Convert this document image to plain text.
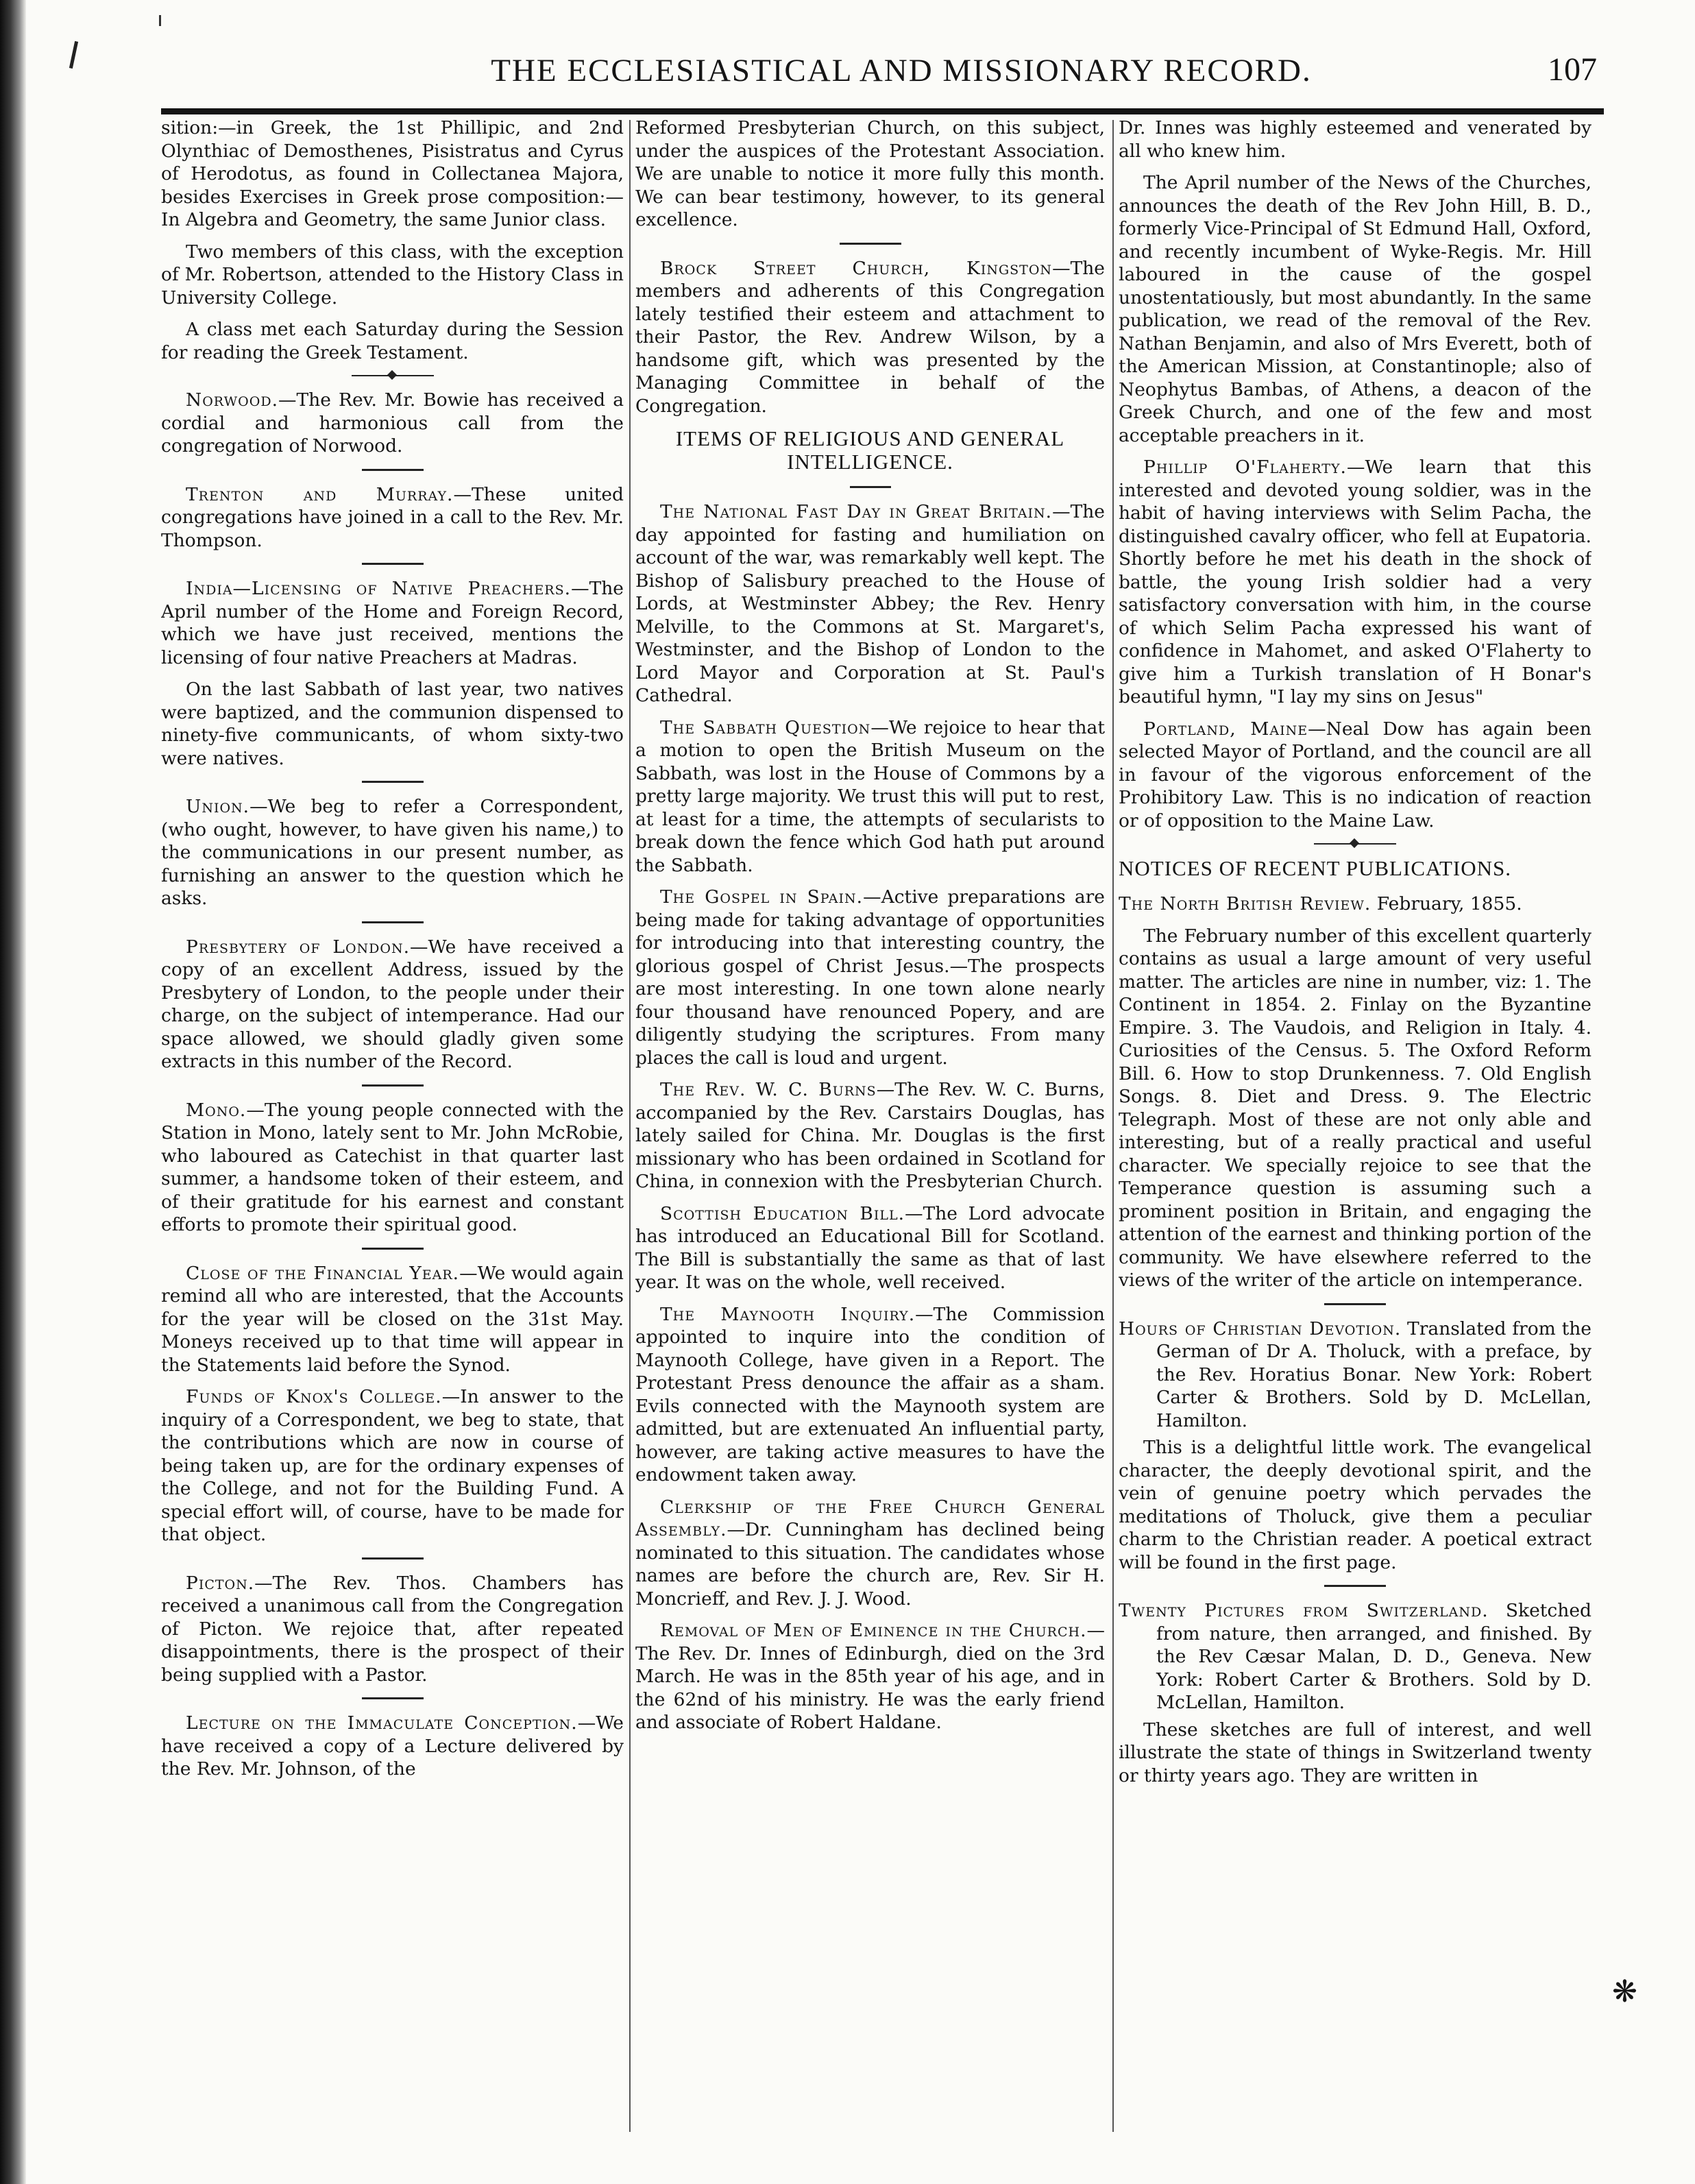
THE ECCLESIASTICAL AND MISSIONARY RECORD.	107

sition:—in Greek, the 1st Phillipic, and 2nd Olynthiac of Demosthenes, Pisistratus and Cyrus of Herodotus, as found in Collectanea Majora, besides Exercises in Greek prose composition:—In Algebra and Geometry, the same Junior class.

Two members of this class, with the exception of Mr. Robertson, attended to the History Class in University College.

A class met each Saturday during the Session for reading the Greek Testament.

Norwood.—The Rev. Mr. Bowie has received a cordial and harmonious call from the congregation of Norwood.

Trenton and Murray.—These united congregations have joined in a call to the Rev. Mr. Thompson.

India—Licensing of Native Preachers.—The April number of the Home and Foreign Record, which we have just received, mentions the licensing of four native Preachers at Madras.

On the last Sabbath of last year, two natives were baptized, and the communion dispensed to ninety-five communicants, of whom sixty-two were natives.

Union.—We beg to refer a Correspondent, (who ought, however, to have given his name,) to the communications in our present number, as furnishing an answer to the question which he asks.

Presbytery of London.—We have received a copy of an excellent Address, issued by the Presbytery of London, to the people under their charge, on the subject of intemperance. Had our space allowed, we should gladly given some extracts in this number of the Record.

Mono.—The young people connected with the Station in Mono, lately sent to Mr. John McRobie, who laboured as Catechist in that quarter last summer, a handsome token of their esteem, and of their gratitude for his earnest and constant efforts to promote their spiritual good.

Close of the Financial Year.—We would again remind all who are interested, that the Accounts for the year will be closed on the 31st May. Moneys received up to that time will appear in the Statements laid before the Synod.

Funds of Knox's College.—In answer to the inquiry of a Correspondent, we beg to state, that the contributions which are now in course of being taken up, are for the ordinary expenses of the College, and not for the Building Fund. A special effort will, of course, have to be made for that object.

Picton.—The Rev. Thos. Chambers has received a unanimous call from the Congregation of Picton. We rejoice that, after repeated disappointments, there is the prospect of their being supplied with a Pastor.

Lecture on the Immaculate Conception.—We have received a copy of a Lecture delivered by the Rev. Mr. Johnson, of the

Reformed Presbyterian Church, on this subject, under the auspices of the Protestant Association. We are unable to notice it more fully this month. We can bear testimony, however, to its general excellence.

Brock Street Church, Kingston—The members and adherents of this Congregation lately testified their esteem and attachment to their Pastor, the Rev. Andrew Wilson, by a handsome gift, which was presented by the Managing Committee in behalf of the Congregation.

ITEMS OF RELIGIOUS AND GENERAL INTELLIGENCE.

The National Fast Day in Great Britain.—The day appointed for fasting and humiliation on account of the war, was remarkably well kept. The Bishop of Salisbury preached to the House of Lords, at Westminster Abbey; the Rev. Henry Melville, to the Commons at St. Margaret's, Westminster, and the Bishop of London to the Lord Mayor and Corporation at St. Paul's Cathedral.

The Sabbath Question—We rejoice to hear that a motion to open the British Museum on the Sabbath, was lost in the House of Commons by a pretty large majority. We trust this will put to rest, at least for a time, the attempts of secularists to break down the fence which God hath put around the Sabbath.

The Gospel in Spain.—Active preparations are being made for taking advantage of opportunities for introducing into that interesting country, the glorious gospel of Christ Jesus.—The prospects are most interesting. In one town alone nearly four thousand have renounced Popery, and are diligently studying the scriptures. From many places the call is loud and urgent.

The Rev. W. C. Burns—The Rev. W. C. Burns, accompanied by the Rev. Carstairs Douglas, has lately sailed for China. Mr. Douglas is the first missionary who has been ordained in Scotland for China, in connexion with the Presbyterian Church.

Scottish Education Bill.—The Lord advocate has introduced an Educational Bill for Scotland. The Bill is substantially the same as that of last year. It was on the whole, well received.

The Maynooth Inquiry.—The Commission appointed to inquire into the condition of Maynooth College, have given in a Report. The Protestant Press denounce the affair as a sham. Evils connected with the Maynooth system are admitted, but are extenuated An influential party, however, are taking active measures to have the endowment taken away.

Clerkship of the Free Church General Assembly.—Dr. Cunningham has declined being nominated to this situation. The candidates whose names are before the church are, Rev. Sir H. Moncrieff, and Rev. J. J. Wood.

Removal of Men of Eminence in the Church.—The Rev. Dr. Innes of Edinburgh, died on the 3rd March. He was in the 85th year of his age, and in the 62nd of his ministry. He was the early friend and associate of Robert Haldane.

Dr. Innes was highly esteemed and venerated by all who knew him.

The April number of the News of the Churches, announces the death of the Rev John Hill, B. D., formerly Vice-Principal of St Edmund Hall, Oxford, and recently incumbent of Wyke-Regis. Mr. Hill laboured in the cause of the gospel unostentatiously, but most abundantly. In the same publication, we read of the removal of the Rev. Nathan Benjamin, and also of Mrs Everett, both of the American Mission, at Constantinople; also of Neophytus Bambas, of Athens, a deacon of the Greek Church, and one of the few and most acceptable preachers in it.

Phillip O'Flaherty.—We learn that this interested and devoted young soldier, was in the habit of having interviews with Selim Pacha, the distinguished cavalry officer, who fell at Eupatoria. Shortly before he met his death in the shock of battle, the young Irish soldier had a very satisfactory conversation with him, in the course of which Selim Pacha expressed his want of confidence in Mahomet, and asked O'Flaherty to give him a Turkish translation of H Bonar's beautiful hymn, "I lay my sins on Jesus"

Portland, Maine—Neal Dow has again been selected Mayor of Portland, and the council are all in favour of the vigorous enforcement of the Prohibitory Law. This is no indication of reaction or of opposition to the Maine Law.

NOTICES OF RECENT PUBLICATIONS.

The North British Review. February, 1855.

The February number of this excellent quarterly contains as usual a large amount of very useful matter. The articles are nine in number, viz: 1. The Continent in 1854. 2. Finlay on the Byzantine Empire. 3. The Vaudois, and Religion in Italy. 4. Curiosities of the Census. 5. The Oxford Reform Bill. 6. How to stop Drunkenness. 7. Old English Songs. 8. Diet and Dress. 9. The Electric Telegraph. Most of these are not only able and interesting, but of a really practical and useful character. We specially rejoice to see that the Temperance question is assuming such a prominent position in Britain, and engaging the attention of the earnest and thinking portion of the community. We have elsewhere referred to the views of the writer of the article on intemperance.

Hours of Christian Devotion. Translated from the German of Dr A. Tholuck, with a preface, by the Rev. Horatius Bonar. New York: Robert Carter & Brothers. Sold by D. McLellan, Hamilton.

This is a delightful little work. The evangelical character, the deeply devotional spirit, and the vein of genuine poetry which pervades the meditations of Tholuck, give them a peculiar charm to the Christian reader. A poetical extract will be found in the first page.

Twenty Pictures from Switzerland. Sketched from nature, then arranged, and finished. By the Rev Cæsar Malan, D. D., Geneva. New York: Robert Carter & Brothers. Sold by D. McLellan, Hamilton.

These sketches are full of interest, and well illustrate the state of things in Switzerland twenty or thirty years ago. They are written in

❋
